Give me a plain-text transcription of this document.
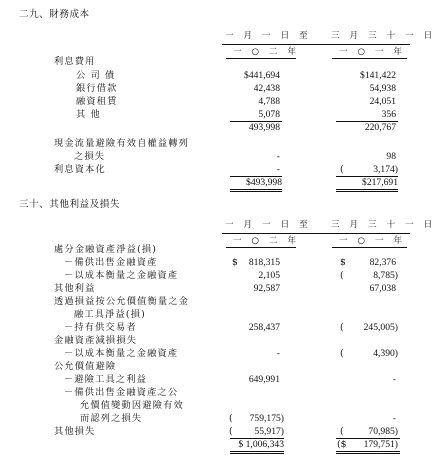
二九、財務成本
一 月 一 日 至 三 月 三 十 一 日
一 ○ 二 年	一 ○ 一 年
利息費用
公 司 債	$441,694	$141,422
銀行借款	42,438	54,938
融資租賃	4,788	24,051
其 他	5,078	356
493,998	220,767
現金流量避險有效自權益轉列
之損失	-	98
利息資本化	-	(	3,174)
$493,998	$217,691
三十、其他利益及損失
一 月 一 日 至 三 月 三 十 一 日
一 ○ 二 年	一 ○ 一 年
處分金融資產淨益(損)
－備供出售金融資產	$	818,315	$	82,376
－以成本衡量之金融資產	2,105	(	8,785)
其他利益	92,587	67,038
透過損益按公允價值衡量之金
融工具淨益(損)
－持有供交易者	258,437	(	245,005)
金融資產減損損失
－以成本衡量之金融資產	-	(	4,390)
公允價值避險
－避險工具之利益	649,991	-
－備供出售金融資產之公
允價值變動因避險有效
而認列之損失	(	759,175)	-
其他損失	(	55,917)	(	70,985)
$ 1,006,343	($	179,751)
